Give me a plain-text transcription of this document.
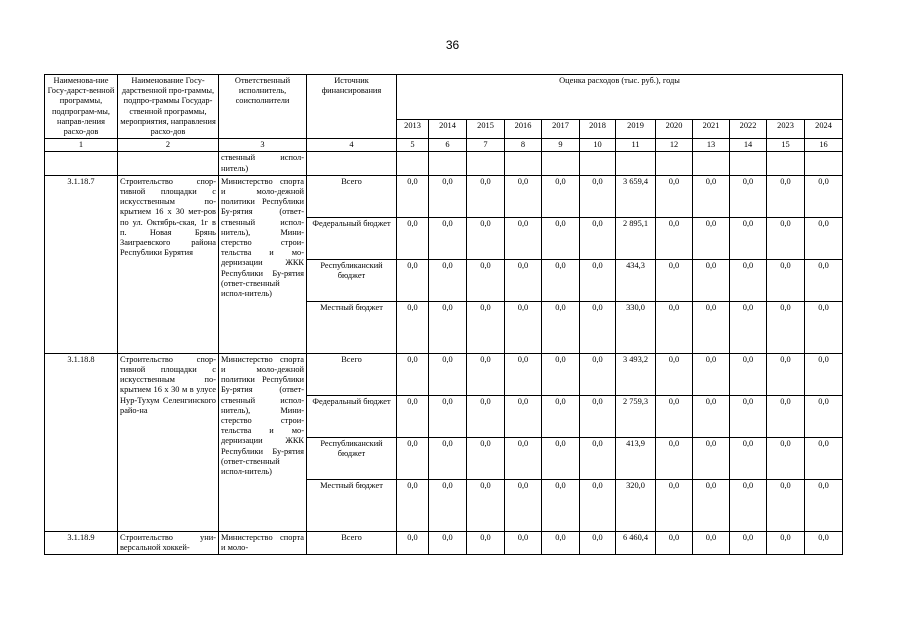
36
Наименова-ние Госу-дарст-венной программы, подпрограм-мы, направ-ления расхо-дов	Наименование Госу-дарственной про-граммы, подпро-граммы Государ-ственной программы, мероприятия, направления расхо-дов	Ответственный исполнитель, соисполнители	Источник финансирования	Оценка расходов (тыс. руб.), годы											
				2013	2014	2015	2016	2017	2018	2019	2020	2021	2022	2023	2024
1	2	3	4	5	6	7	8	9	10	11	12	13	14	15	16
		ственный испол-нитель)													
3.1.18.7	Строительство спор-тивной площадки с искусственным по-крытием 16 х 30 мет-ров по ул. Октябрь-ская, 1г в п. Новая Брянь Заиграевского района Республики Бурятия	Министерство спорта и моло-дежной политики Республики Бу-рятия (ответ-ственный испол-нитель), Мини-стерство строи-тельства и мо-дернизации ЖКК Республики Бу-рятия (ответ-ственный испол-нитель)	Всего	0,0	0,0	0,0	0,0	0,0	0,0	3 659,4	0,0	0,0	0,0	0,0	0,0
			Федеральный бюджет	0,0	0,0	0,0	0,0	0,0	0,0	2 895,1	0,0	0,0	0,0	0,0	0,0
			Республиканский бюджет	0,0	0,0	0,0	0,0	0,0	0,0	434,3	0,0	0,0	0,0	0,0	0,0
			Местный бюджет	0,0	0,0	0,0	0,0	0,0	0,0	330,0	0,0	0,0	0,0	0,0	0,0
3.1.18.8	Строительство спор-тивной площадки с искусственным по-крытием 16 х 30 м в улусе Нур-Тухум Селенгинского райо-на	Министерство спорта и моло-дежной политики Республики Бу-рятия (ответ-ственный испол-нитель), Мини-стерство строи-тельства и мо-дернизации ЖКК Республики Бу-рятия (ответ-ственный испол-нитель)	Всего	0,0	0,0	0,0	0,0	0,0	0,0	3 493,2	0,0	0,0	0,0	0,0	0,0
			Федеральный бюджет	0,0	0,0	0,0	0,0	0,0	0,0	2 759,3	0,0	0,0	0,0	0,0	0,0
			Республиканский бюджет	0,0	0,0	0,0	0,0	0,0	0,0	413,9	0,0	0,0	0,0	0,0	0,0
			Местный бюджет	0,0	0,0	0,0	0,0	0,0	0,0	320,0	0,0	0,0	0,0	0,0	0,0
3.1.18.9	Строительство уни-версальной хоккей-	Министерство спорта и моло-	Всего	0,0	0,0	0,0	0,0	0,0	0,0	6 460,4	0,0	0,0	0,0	0,0	0,0
